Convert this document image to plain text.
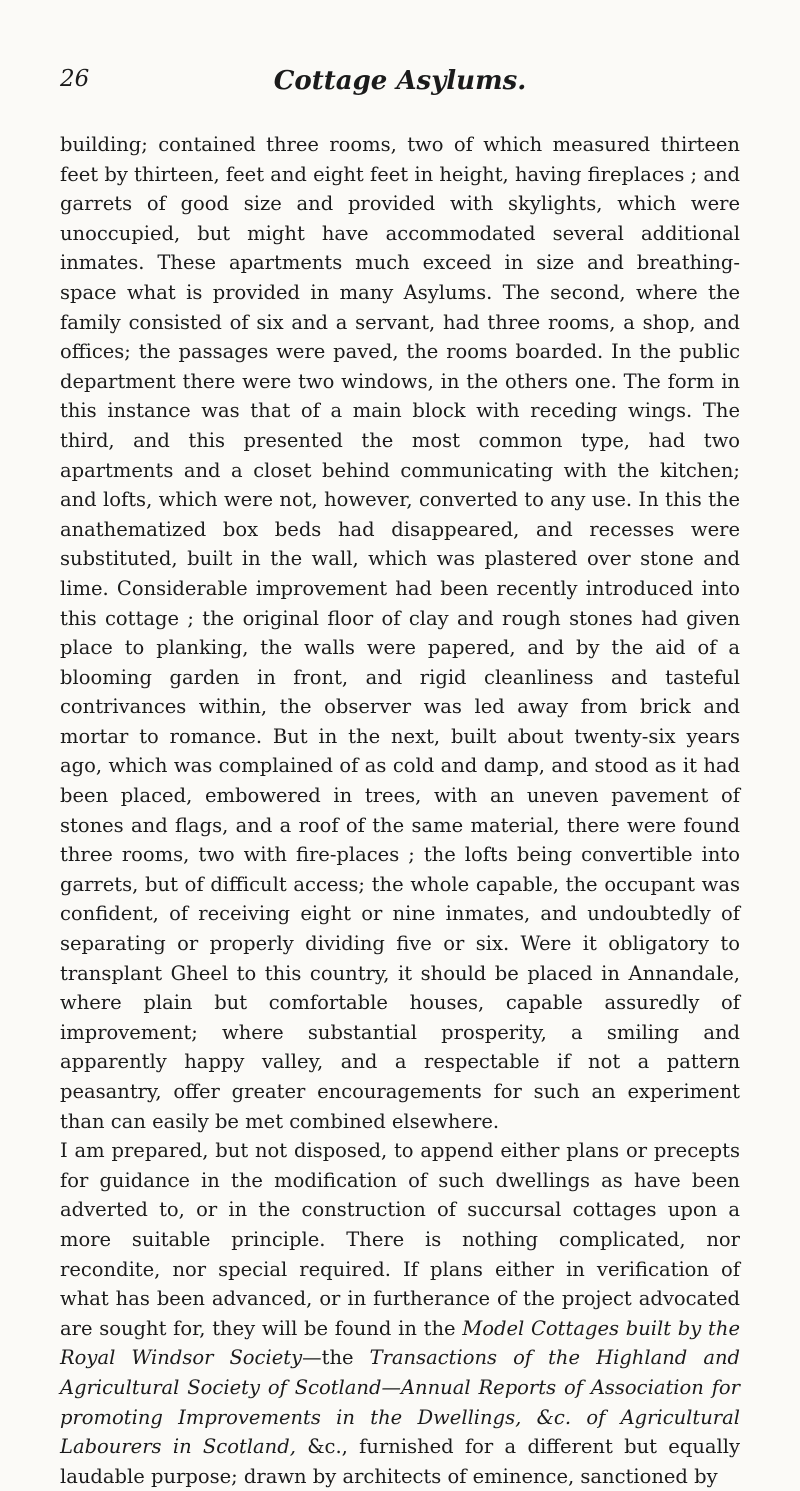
26	Cottage Asylums.

building; contained three rooms, two of which measured thirteen feet by thirteen, feet and eight feet in height, having fireplaces ; and garrets of good size and provided with skylights, which were unoccupied, but might have accommodated several additional inmates. These apartments much exceed in size and breathing-space what is provided in many Asylums. The second, where the family consisted of six and a servant, had three rooms, a shop, and offices; the passages were paved, the rooms boarded. In the public department there were two windows, in the others one. The form in this instance was that of a main block with receding wings. The third, and this presented the most common type, had two apartments and a closet behind communicating with the kitchen; and lofts, which were not, however, converted to any use. In this the anathematized box beds had disappeared, and recesses were substituted, built in the wall, which was plastered over stone and lime. Considerable improvement had been recently introduced into this cottage ; the original floor of clay and rough stones had given place to planking, the walls were papered, and by the aid of a blooming garden in front, and rigid cleanliness and tasteful contrivances within, the observer was led away from brick and mortar to romance. But in the next, built about twenty-six years ago, which was complained of as cold and damp, and stood as it had been placed, embowered in trees, with an uneven pavement of stones and flags, and a roof of the same material, there were found three rooms, two with fire-places ; the lofts being convertible into garrets, but of difficult access; the whole capable, the occupant was confident, of receiving eight or nine inmates, and undoubtedly of separating or properly dividing five or six. Were it obligatory to transplant Gheel to this country, it should be placed in Annandale, where plain but comfortable houses, capable assuredly of improvement; where substantial prosperity, a smiling and apparently happy valley, and a respectable if not a pattern peasantry, offer greater encouragements for such an experiment than can easily be met combined elsewhere.

I am prepared, but not disposed, to append either plans or precepts for guidance in the modification of such dwellings as have been adverted to, or in the construction of succursal cottages upon a more suitable principle. There is nothing complicated, nor recondite, nor special required. If plans either in verification of what has been advanced, or in furtherance of the project advocated are sought for, they will be found in the Model Cottages built by the Royal Windsor Society—the Transactions of the Highland and Agricultural Society of Scotland—Annual Reports of Association for promoting Improvements in the Dwellings, &c. of Agricultural Labourers in Scotland, &c., furnished for a different but equally laudable purpose; drawn by architects of eminence, sanctioned by
